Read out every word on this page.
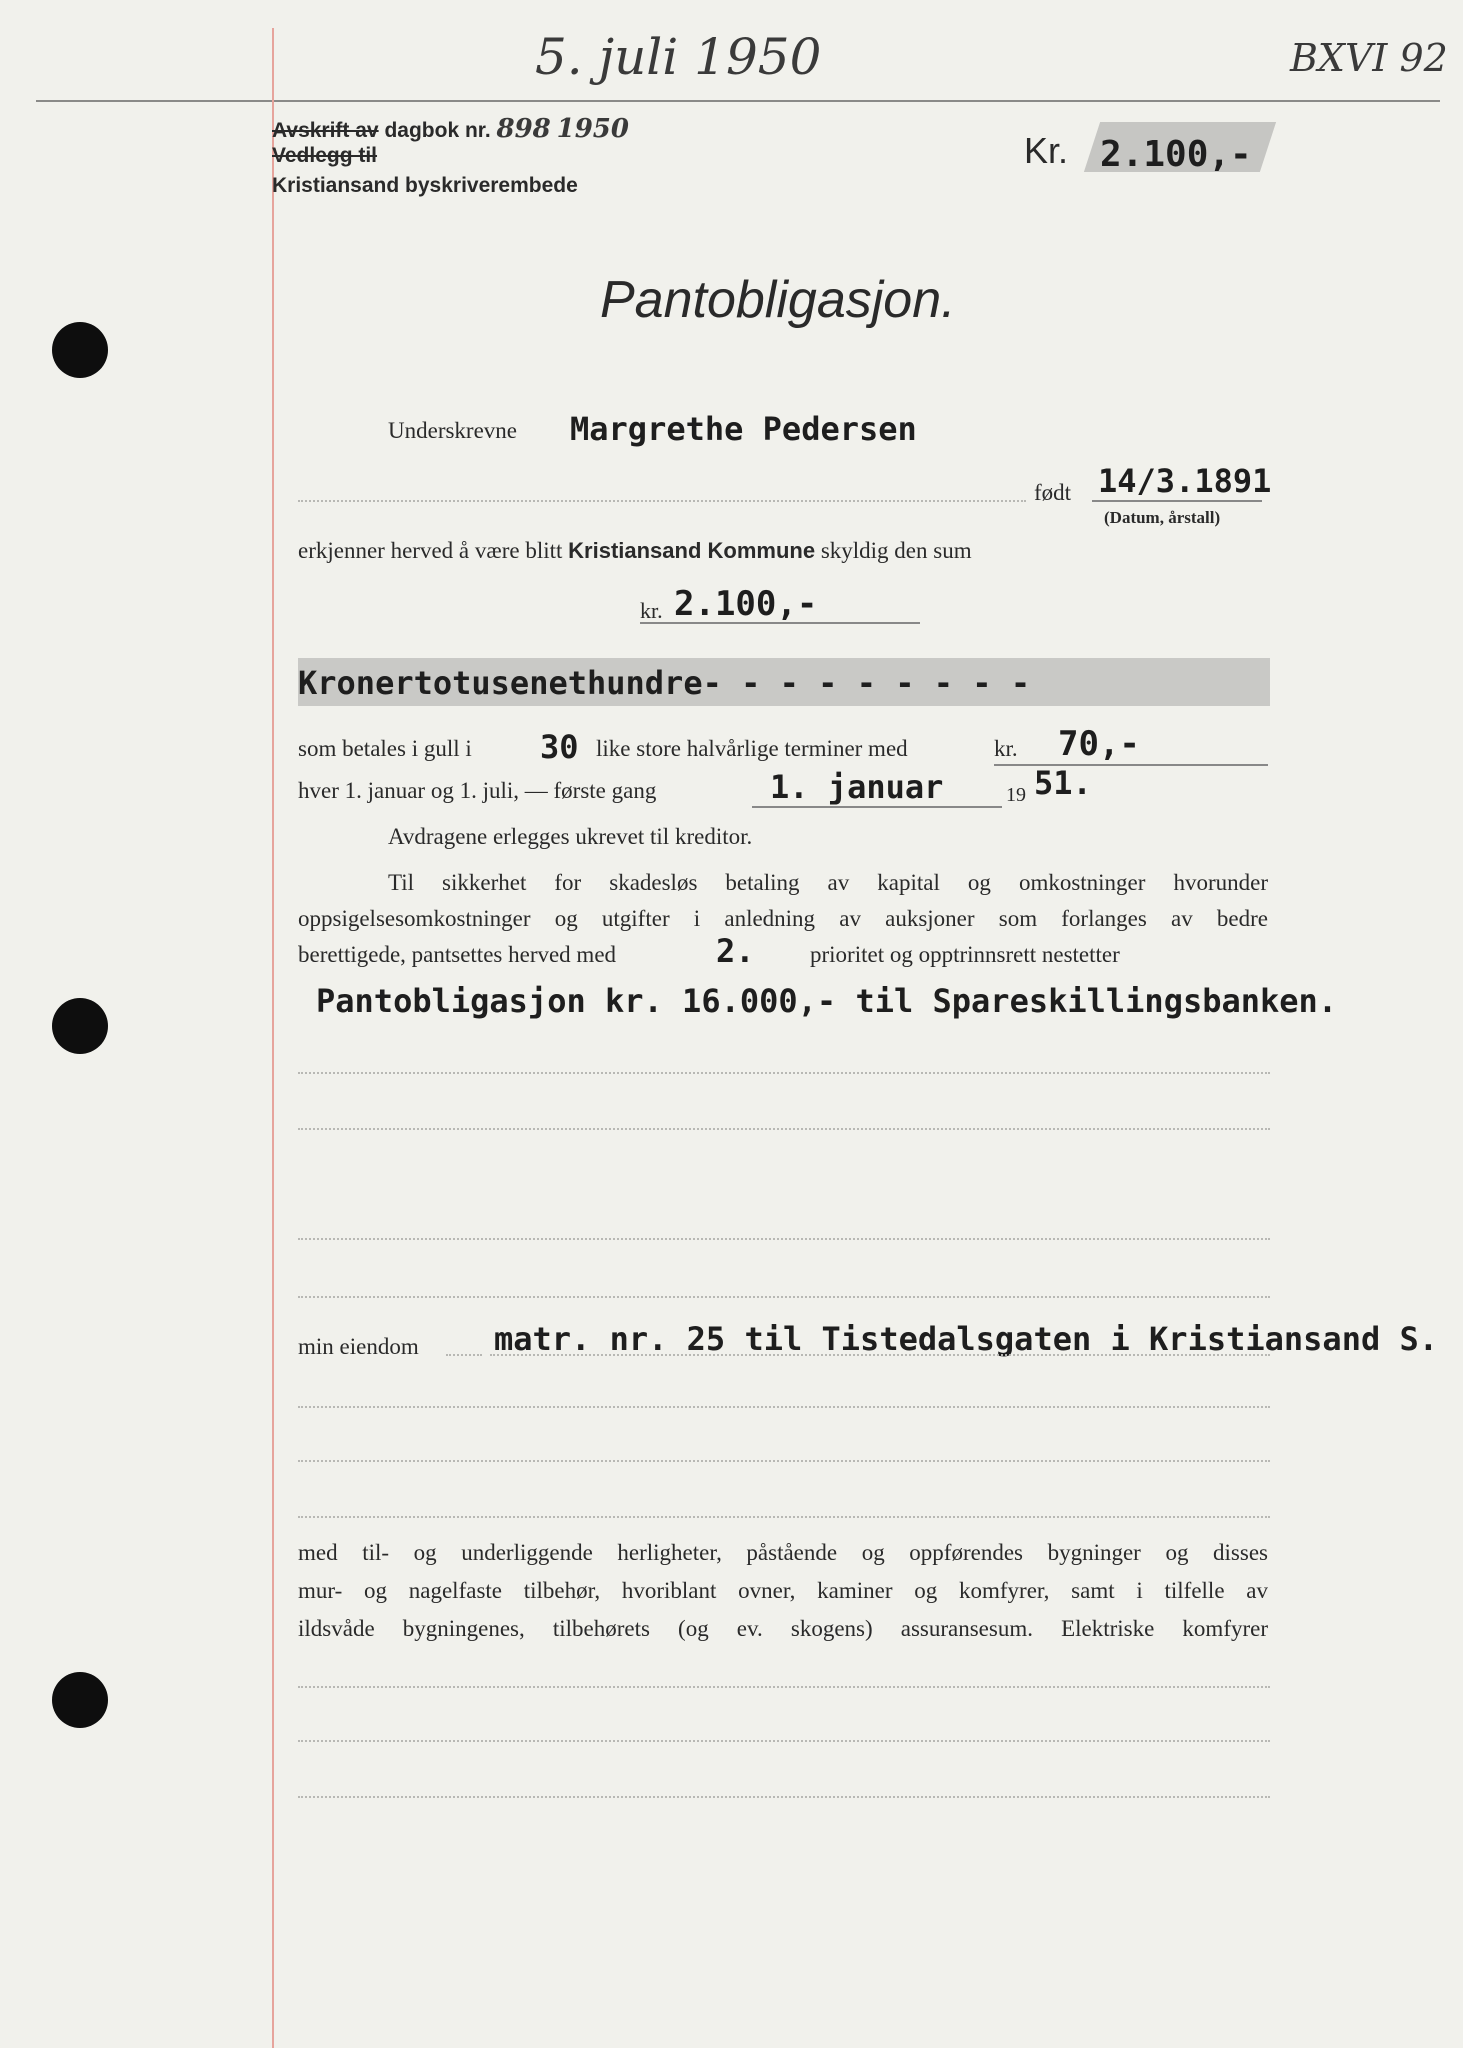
5. juli 1950	BXVI 92
Avskrift av dagbok nr. 898 1950
Vedlegg til
Kristiansand byskriverembede
Kr. 2.100,-
Pantobligasjon.
Underskrevne Margrethe Pedersen
født 14/3.1891
(Datum, årstall)
erkjenner herved å være blitt Kristiansand Kommune skyldig den sum
kr. 2.100,-
Kronertotusenethundre- - - - - - - - -
som betales i gull i 30 like store halvårlige terminer med	kr. 70,-
hver 1. januar og 1. juli, — første gang	1. januar	19 51.
Avdragene erlegges ukrevet til kreditor.
Til sikkerhet for skadesløs betaling av kapital og omkostninger hvorunder
oppsigelsesomkostninger og utgifter i anledning av auksjoner som forlanges av bedre
berettigede, pantsettes herved med	2. prioritet og opptrinnsrett nestetter
Pantobligasjon kr. 16.000,- til Spareskillingsbanken.
min eiendom matr. nr. 25 til Tistedalsgaten i Kristiansand S.
med til- og underliggende herligheter, påstående og oppførendes bygninger og disses
mur- og nagelfaste tilbehør, hvoriblant ovner, kaminer og komfyrer, samt i tilfelle av
ildsvåde bygningenes, tilbehørets (og ev. skogens) assuransesum. Elektriske komfyrer
